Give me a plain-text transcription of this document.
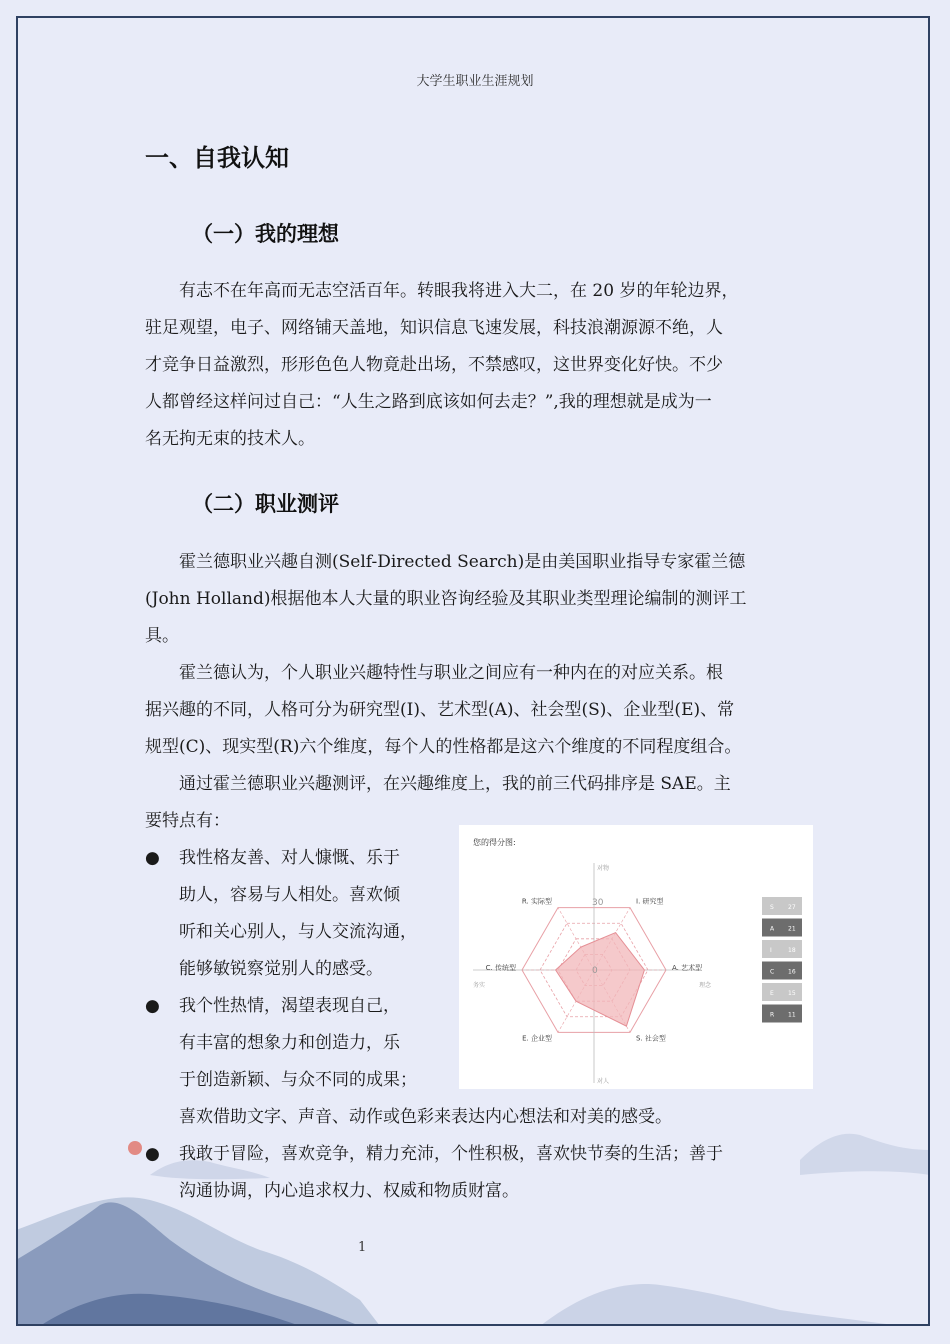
大学生职业生涯规划
一、自我认知
（一）我的理想
有志不在年高而无志空活百年。转眼我将进入大二，在 20 岁的年轮边界，
驻足观望，电子、网络铺天盖地，知识信息飞速发展，科技浪潮源源不绝，人
才竞争日益激烈，形形色色人物竟赴出场，不禁感叹，这世界变化好快。不少
人都曾经这样问过自己：“人生之路到底该如何去走？”,我的理想就是成为一
名无拘无束的技术人。
（二）职业测评
霍兰德职业兴趣自测(Self-Directed Search)是由美国职业指导专家霍兰德
(John Holland)根据他本人大量的职业咨询经验及其职业类型理论编制的测评工
具。
霍兰德认为，个人职业兴趣特性与职业之间应有一种内在的对应关系。根
据兴趣的不同，人格可分为研究型(I)、艺术型(A)、社会型(S)、企业型(E)、常
规型(C)、现实型(R)六个维度，每个人的性格都是这六个维度的不同程度组合。
通过霍兰德职业兴趣测评，在兴趣维度上，我的前三代码排序是 SAE。主
要特点有：
● 我性格友善、对人慷慨、乐于
助人，容易与人相处。喜欢倾
听和关心别人，与人交流沟通，
能够敏锐察觉别人的感受。
● 我个性热情，渴望表现自己，
有丰富的想象力和创造力，乐
于创造新颖、与众不同的成果；
喜欢借助文字、声音、动作或色彩来表达内心想法和对美的感受。
● 我敢于冒险，喜欢竞争，精力充沛，个性积极，喜欢快节奏的生活；善于
沟通协调，内心追求权力、权威和物质财富。
您的得分图:
R. 实际型	I. 研究型
A. 艺术型
S. 社会型
E. 企业型
C. 传统型
30
0
对物
对人
务实	理念
S 27
A 21
I	18
C 16
E 15
R 11
1
